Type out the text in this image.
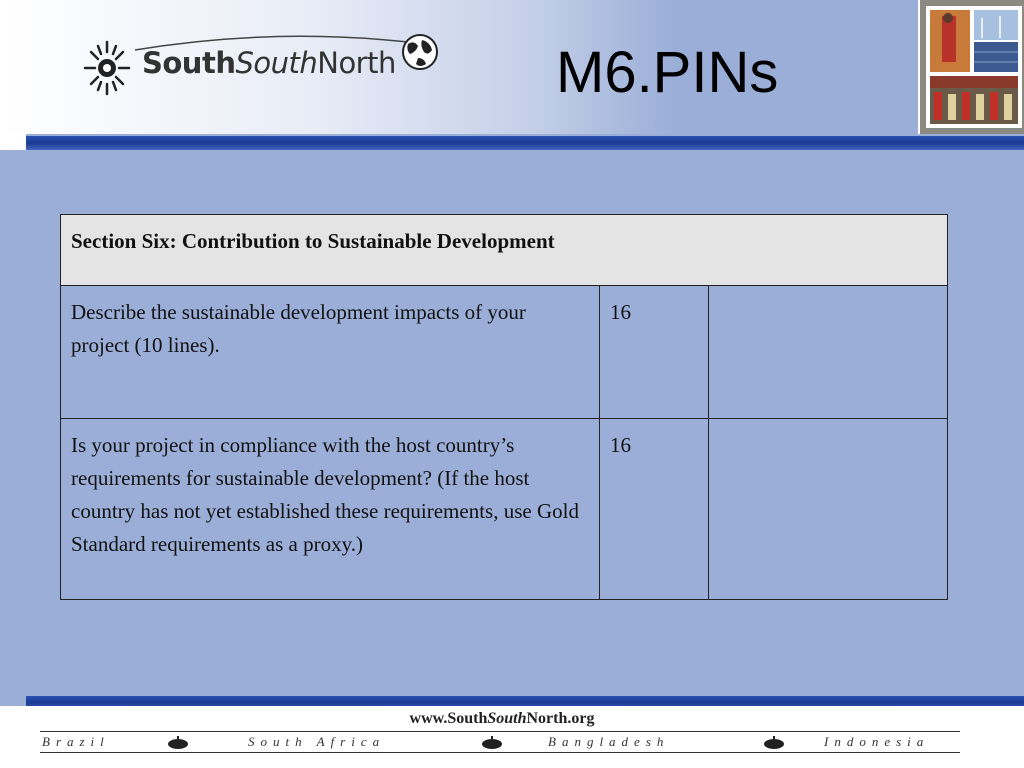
SouthSouthNorth	M6.PINs
Section Six: Contribution to Sustainable Development		
Describe the sustainable development impacts of your project (10 lines).	16	
Is your project in compliance with the host country’s requirements for sustainable development? (If the host country has not yet established these requirements, use Gold Standard requirements as a proxy.)	16	
www.SouthSouthNorth.org
Brazil	South Africa	Bangladesh	Indonesia
